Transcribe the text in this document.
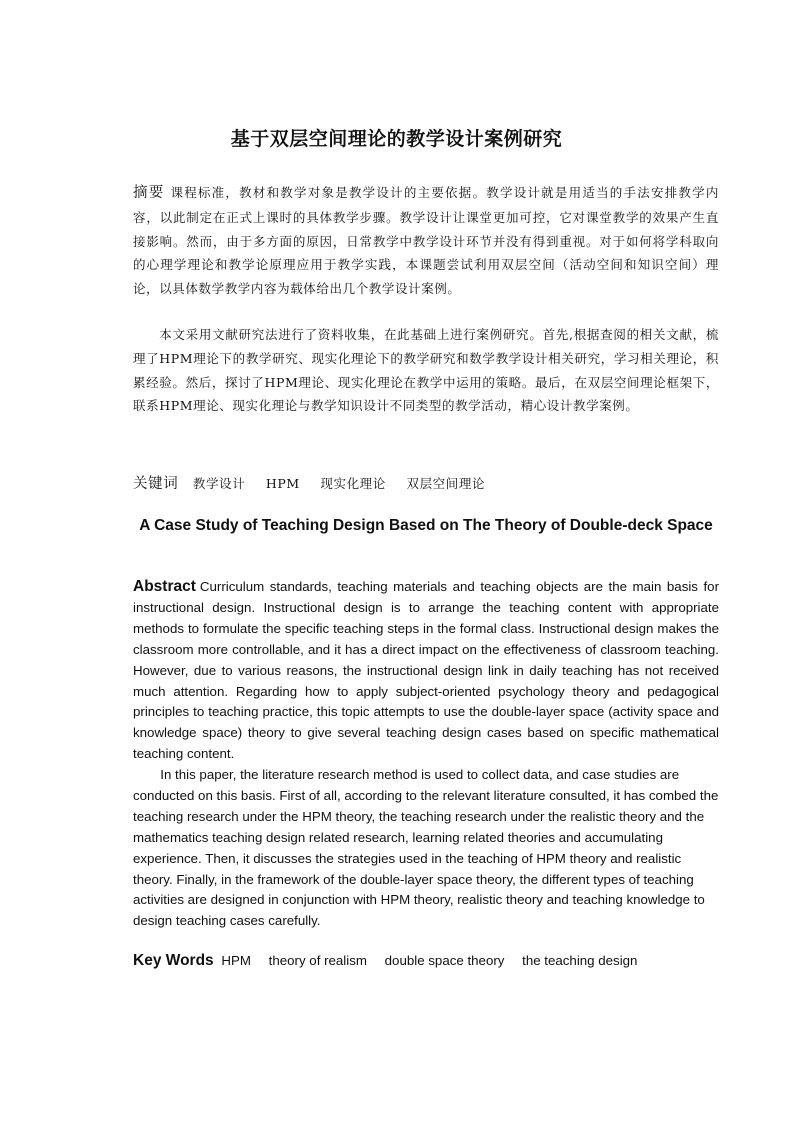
基于双层空间理论的教学设计案例研究
摘要 课程标准，教材和教学对象是教学设计的主要依据。教学设计就是用适当的手法安排教学内容，以此制定在正式上课时的具体教学步骤。教学设计让课堂更加可控，它对课堂教学的效果产生直接影响。然而，由于多方面的原因，日常教学中教学设计环节并没有得到重视。对于如何将学科取向的心理学理论和教学论原理应用于教学实践，本课题尝试利用双层空间（活动空间和知识空间）理论，以具体数学教学内容为载体给出几个教学设计案例。
本文采用文献研究法进行了资料收集，在此基础上进行案例研究。首先,根据查阅的相关文献，梳理了HPM理论下的教学研究、现实化理论下的教学研究和数学教学设计相关研究，学习相关理论，积累经验。然后，探讨了HPM理论、现实化理论在教学中运用的策略。最后，在双层空间理论框架下，联系HPM理论、现实化理论与教学知识设计不同类型的教学活动，精心设计教学案例。
关键词 教学设计 HPM 现实化理论 双层空间理论
A Case Study of Teaching Design Based on The Theory of Double-deck Space
Abstract Curriculum standards, teaching materials and teaching objects are the main basis for instructional design. Instructional design is to arrange the teaching content with appropriate methods to formulate the specific teaching steps in the formal class. Instructional design makes the classroom more controllable, and it has a direct impact on the effectiveness of classroom teaching. However, due to various reasons, the instructional design link in daily teaching has not received much attention. Regarding how to apply subject-oriented psychology theory and pedagogical principles to teaching practice, this topic attempts to use the double-layer space (activity space and knowledge space) theory to give several teaching design cases based on specific mathematical teaching content.
In this paper, the literature research method is used to collect data, and case studies are conducted on this basis. First of all, according to the relevant literature consulted, it has combed the teaching research under the HPM theory, the teaching research under the realistic theory and the mathematics teaching design related research, learning related theories and accumulating experience. Then, it discusses the strategies used in the teaching of HPM theory and realistic theory. Finally, in the framework of the double-layer space theory, the different types of teaching activities are designed in conjunction with HPM theory, realistic theory and teaching knowledge to design teaching cases carefully.
Key Words HPM theory of realism double space theory the teaching design
